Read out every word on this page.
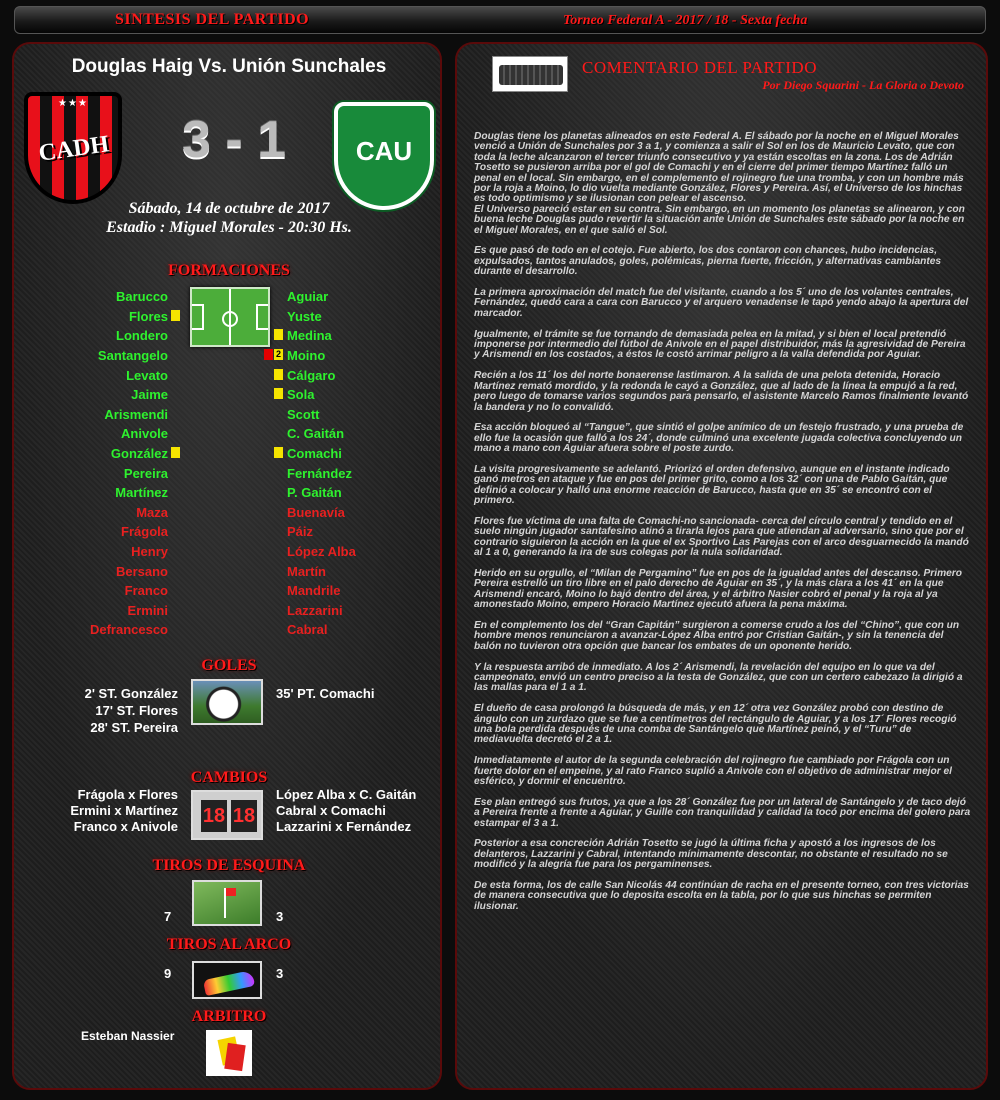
SINTESIS DEL PARTIDO	Torneo Federal A - 2017 / 18 - Sexta fecha
Douglas Haig Vs. Unión Sunchales
★★★
CADH 3 - 1	CAU
Sábado, 14 de octubre de 2017
Estadio : Miguel Morales - 20:30 Hs.
FORMACIONES
Barucco
Flores
Londero
Santangelo
Levato
Jaime
Arismendi
Anivole
González
Pereira
Martínez
Maza
Frágola
Henry
Bersano
Franco
Ermini
Defrancesco
Aguiar
Yuste
Medina
2 Moino
Cálgaro
Sola
Scott
C. Gaitán
Comachi
Fernández
P. Gaitán
Buenavía
Páiz
López Alba
Martín
Mandrile
Lazzarini
Cabral
GOLES
2' ST. González
17' ST. Flores
28' ST. Pereira
35' PT. Comachi
CAMBIOS
18 18
Frágola x Flores
Ermini x Martínez
Franco x Anivole
López Alba x C. Gaitán
Cabral x Comachi
Lazzarini x Fernández
TIROS DE ESQUINA
7	3
TIROS AL ARCO
9	3
ARBITRO
Esteban Nassier
COMENTARIO DEL PARTIDO
Por Diego Squarini - La Gloria o Devoto

Douglas tiene los planetas alineados en este Federal A. El sábado por la noche en el Miguel Morales venció a Unión de Sunchales por 3 a 1, y comienza a salir el Sol en los de Mauricio Levato, que con toda la leche alcanzaron el tercer triunfo consecutivo y ya están escoltas en la zona. Los de Adrián Tosetto se pusieron arriba por el gol de Comachi y en el cierre del primer tiempo Martínez falló un penal en el local. Sin embargo, en el complemento el rojinegro fue una tromba, y con un hombre más por la roja a Moino, lo dio vuelta mediante González, Flores y Pereira. Así, el Universo de los hinchas es todo optimismo y se ilusionan con pelear el ascenso.
El Universo pareció estar en su contra. Sin embargo, en un momento los planetas se alinearon, y con buena leche Douglas pudo revertir la situación ante Unión de Sunchales este sábado por la noche en el Miguel Morales, en el que salió el Sol.

Es que pasó de todo en el cotejo. Fue abierto, los dos contaron con chances, hubo incidencias, expulsados, tantos anulados, goles, polémicas, pierna fuerte, fricción, y alternativas cambiantes durante el desarrollo.

La primera aproximación del match fue del visitante, cuando a los 5´ uno de los volantes centrales, Fernández, quedó cara a cara con Barucco y el arquero venadense le tapó yendo abajo la apertura del marcador.

Igualmente, el trámite se fue tornando de demasiada pelea en la mitad, y si bien el local pretendió imponerse por intermedio del fútbol de Anivole en el papel distribuidor, más la agresividad de Pereira y Arismendi en los costados, a éstos le costó arrimar peligro a la valla defendida por Aguiar.

Recién a los 11´ los del norte bonaerense lastimaron. A la salida de una pelota detenida, Horacio Martínez remató mordido, y la redonda le cayó a González, que al lado de la línea la empujó a la red, pero luego de tomarse varios segundos para pensarlo, el asistente Marcelo Ramos finalmente levantó la bandera y no lo convalidó.

Esa acción bloqueó al “Tangue”, que sintió el golpe anímico de un festejo frustrado, y una prueba de ello fue la ocasión que falló a los 24´, donde culminó una excelente jugada colectiva concluyendo un mano a mano con Aguiar afuera sobre el poste zurdo.

La visita progresivamente se adelantó. Priorizó el orden defensivo, aunque en el instante indicado ganó metros en ataque y fue en pos del primer grito, como a los 32´ con una de Pablo Gaitán, que definió a colocar y halló una enorme reacción de Barucco, hasta que en 35´ se encontró con el primero.

Flores fue víctima de una falta de Comachi-no sancionada- cerca del círculo central y tendido en el suelo ningún jugador santafesino atinó a tirarla lejos para que atiendan al adversario, sino que por el contrario siguieron la acción en la que el ex Sportivo Las Parejas con el arco desguarnecido la mandó al 1 a 0, generando la ira de sus colegas por la nula solidaridad.

Herido en su orgullo, el “Milan de Pergamino” fue en pos de la igualdad antes del descanso. Primero Pereira estrelló un tiro libre en el palo derecho de Aguiar en 35´, y la más clara a los 41´ en la que Arismendi encaró, Moino lo bajó dentro del área, y el árbitro Nasier cobró el penal y la roja al ya amonestado Moino, empero Horacio Martínez ejecutó afuera la pena máxima.

En el complemento los del “Gran Capitán” surgieron a comerse crudo a los del “Chino”, que con un hombre menos renunciaron a avanzar-López Alba entró por Cristian Gaitán-, y sin la tenencia del balón no tuvieron otra opción que bancar los embates de un oponente herido.

Y la respuesta arribó de inmediato. A los 2´ Arismendi, la revelación del equipo en lo que va del campeonato, envió un centro preciso a la testa de González, que con un certero cabezazo la dirigió a las mallas para el 1 a 1.

El dueño de casa prolongó la búsqueda de más, y en 12´ otra vez González probó con destino de ángulo con un zurdazo que se fue a centímetros del rectángulo de Aguiar, y a los 17´ Flores recogió una bola perdida después de una comba de Santángelo que Martínez peinó, y el “Turu” de mediavuelta decretó el 2 a 1.

Inmediatamente el autor de la segunda celebración del rojinegro fue cambiado por Frágola con un fuerte dolor en el empeine, y al rato Franco suplió a Anivole con el objetivo de administrar mejor el esférico, y dormir el encuentro.

Ese plan entregó sus frutos, ya que a los 28´ González fue por un lateral de Santángelo y de taco dejó a Pereira frente a frente a Aguiar, y Guille con tranquilidad y calidad la tocó por encima del golero para estampar el 3 a 1.

Posterior a esa concreción Adrián Tosetto se jugó la última ficha y apostó a los ingresos de los delanteros, Lazzarini y Cabral, intentando mínimamente descontar, no obstante el resultado no se modificó y la alegría fue para los pergaminenses.

De esta forma, los de calle San Nicolás 44 continúan de racha en el presente torneo, con tres victorias de manera consecutiva que lo deposita escolta en la tabla, por lo que sus hinchas se permiten ilusionar.
